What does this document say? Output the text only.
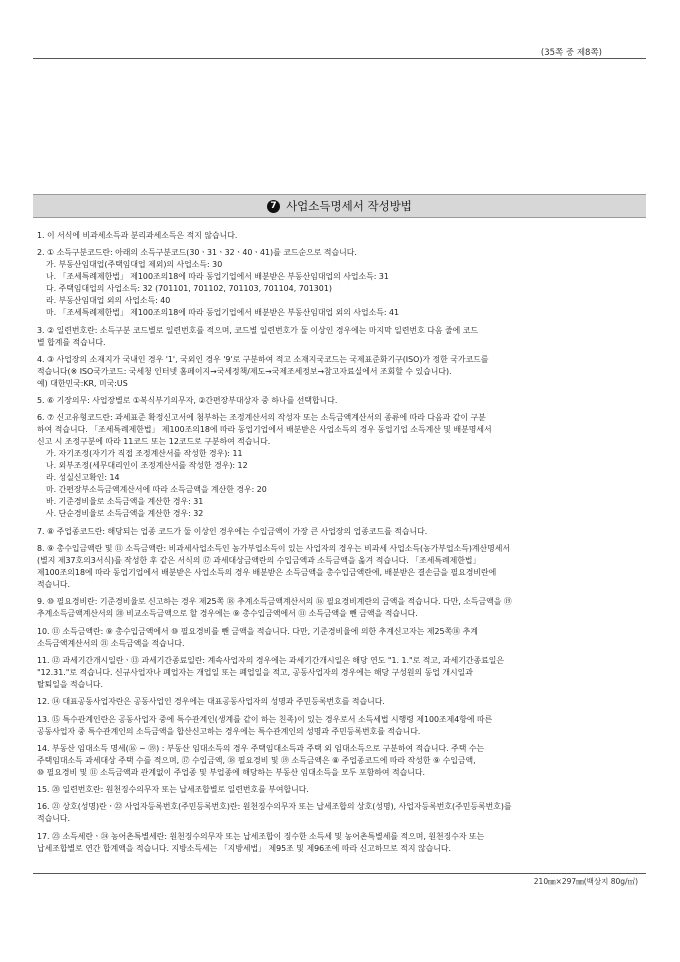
(35쪽 중 제8쪽)
7 사업소득명세서 작성방법
1. 이 서식에 비과세소득과 분리과세소득은 적지 않습니다.
2. ① 소득구분코드란: 아래의 소득구분코드(30ㆍ31ㆍ32ㆍ40ㆍ41)를 코드순으로 적습니다.
가. 부동산임대업(주택임대업 제외)의 사업소득: 30
나. 「조세특례제한법」 제100조의18에 따라 동업기업에서 배분받은 부동산임대업의 사업소득: 31
다. 주택임대업의 사업소득: 32 (701101, 701102, 701103, 701104, 701301)
라. 부동산임대업 외의 사업소득: 40
마. 「조세특례제한법」 제100조의18에 따라 동업기업에서 배분받은 부동산임대업 외의 사업소득: 41
3. ② 일련번호란: 소득구분 코드별로 일련번호를 적으며, 코드별 일련번호가 둘 이상인 경우에는 마지막 일련번호 다음 줄에 코드
별 합계를 적습니다.
4. ③ 사업장의 소재지가 국내인 경우 '1', 국외인 경우 '9'로 구분하여 적고 소재지국코드는 국제표준화기구(ISO)가 정한 국가코드를
적습니다(※ ISO국가코드: 국세청 인터넷 홈페이지→국세정책/제도→국제조세정보→참고자료실에서 조회할 수 있습니다).
예) 대한민국:KR, 미국:US
5. ⑥ 기장의무: 사업장별로 ①복식부기의무자, ②간편장부대상자 중 하나를 선택합니다.
6. ⑦ 신고유형코드란: 과세표준 확정신고서에 첨부하는 조정계산서의 작성자 또는 소득금액계산서의 종류에 따라 다음과 같이 구분
하여 적습니다. 「조세특례제한법」 제100조의18에 따라 동업기업에서 배분받은 사업소득의 경우 동업기업 소득계산 및 배분명세서
신고 시 조정구분에 따라 11코드 또는 12코드로 구분하여 적습니다.
가. 자기조정(자기가 직접 조정계산서를 작성한 경우): 11
나. 외부조정(세무대리인이 조정계산서를 작성한 경우): 12
라. 성실신고확인: 14
마. 간편장부소득금액계산서에 따라 소득금액을 계산한 경우: 20
바. 기준경비율로 소득금액을 계산한 경우: 31
사. 단순경비율로 소득금액을 계산한 경우: 32
7. ⑧ 주업종코드란: 해당되는 업종 코드가 둘 이상인 경우에는 수입금액이 가장 큰 사업장의 업종코드를 적습니다.
8. ⑨ 총수입금액란 및 ⑪ 소득금액란: 비과세사업소득인 농가부업소득이 있는 사업자의 경우는 비과세 사업소득(농가부업소득)계산명세서
(별지 제37호의3서식)를 작성한 후 같은 서식의 ⑰ 과세대상금액란의 수입금액과 소득금액을 옮겨 적습니다. 「조세특례제한법」
제100조의18에 따라 동업기업에서 배분받은 사업소득의 경우 배분받은 소득금액을 총수입금액란에, 배분받은 결손금을 필요경비란에
적습니다.
9. ⑩ 필요경비란: 기준경비율로 신고하는 경우 제25쪽 ⑱ 추계소득금액계산서의 ⑯ 필요경비계란의 금액을 적습니다. 다만, 소득금액을 ⑲
추계소득금액계산서의 ⑳ 비교소득금액으로 할 경우에는 ⑨ 총수입금액에서 ⑪ 소득금액을 뺀 금액을 적습니다.
10. ⑪ 소득금액란: ⑨ 총수입금액에서 ⑩ 필요경비를 뺀 금액을 적습니다. 다만, 기준경비율에 의한 추계신고자는 제25쪽⑱ 추계
소득금액계산서의 ㉑ 소득금액을 적습니다.
11. ⑫ 과세기간개시일란ㆍ⑬ 과세기간종료일란: 계속사업자의 경우에는 과세기간개시일은 해당 연도 "1. 1."로 적고, 과세기간종료일은
"12.31."로 적습니다. 신규사업자나 폐업자는 개업일 또는 폐업일을 적고, 공동사업자의 경우에는 해당 구성원의 동업 개시일과
탈퇴일을 적습니다.
12. ⑭ 대표공동사업자란은 공동사업인 경우에는 대표공동사업자의 성명과 주민등록번호를 적습니다.
13. ⑮ 특수관계인란은 공동사업자 중에 특수관계인(생계를 같이 하는 친족)이 있는 경우로서 소득세법 시행령 제100조제4항에 따른
공동사업자 중 특수관계인의 소득금액을 합산신고하는 경우에는 특수관계인의 성명과 주민등록번호를 적습니다.
14. 부동산 임대소득 명세(⑯ ~ ⑲) : 부동산 임대소득의 경우 주택임대소득과 주택 외 임대소득으로 구분하여 적습니다. 주택 수는
주택임대소득 과세대상 주택 수를 적으며, ⑰ 수입금액, ⑱ 필요경비 및 ⑲ 소득금액은 ⑧ 주업종코드에 따라 작성한 ⑨ 수입금액,
⑩ 필요경비 및 ⑪ 소득금액과 관계없이 주업종 및 부업종에 해당하는 부동산 임대소득을 모두 포함하여 적습니다.
15. ⑳ 일련번호란: 원천징수의무자 또는 납세조합별로 일련번호를 부여합니다.
16. ㉑ 상호(성명)란ㆍ㉒ 사업자등록번호(주민등록번호)란: 원천징수의무자 또는 납세조합의 상호(성명), 사업자등록번호(주민등록번호)를
적습니다.
17. ㉓ 소득세란ㆍ㉔ 농어촌특별세란: 원천징수의무자 또는 납세조합이 징수한 소득세 및 농어촌특별세를 적으며, 원천징수자 또는
납세조합별로 연간 합계액을 적습니다. 지방소득세는 「지방세법」 제95조 및 제96조에 따라 신고하므로 적지 않습니다.
210㎜×297㎜(백상지 80g/㎡)
